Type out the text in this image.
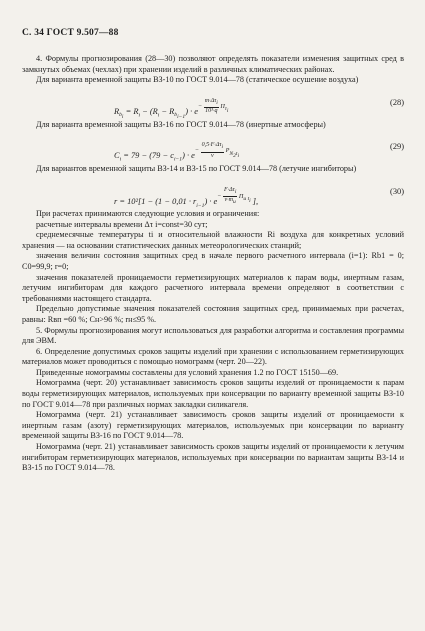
С. 34 ГОСТ 9.507—88

4. Формулы прогнозирования (28—30) позволяют определять показатели изменения защитных сред в замкнутых объемах (чехлах) при хранении изделий в различных климатических районах.

Для варианта временной защиты ВЗ-10 по ГОСТ 9.014—78 (статическое осушение воздуха)

$R_{b_i} = R_i - (R_i - R_{b_{i-1}}) \cdot e^{- \frac{m\cdot\Delta\tau_i}{\text{10³·q}} \Pi_{\tau_i}}$
(28)

Для варианта временной защиты ВЗ-16 по ГОСТ 9.014—78 (инертные атмосферы)

$C_i = 79 - (79 - c_{i-1}) \cdot e^{- \frac{0,5\cdot F\cdot\Delta\tau_i}{v} P_{N_2t_i}}$
(29)

Для вариантов временной защиты ВЗ-14 и ВЗ-15 по ГОСТ 9.014—78 (летучие ингибиторы)

$r = 10^2[1 - (1 - 0,01 \cdot r_{i-1}) \cdot e^{- \frac{F\cdot\Delta\tau_i}{v\cdot m_и} \Pi_{и t_i}}$ ],
(30)

При расчетах принимаются следующие условия и ограничения:

расчетные интервалы времени Δτ i=const=30 сут;

среднемесячные температуры ti и относительной влажности Ri воздуха для конкретных условий хранения — на основании статистических данных метеорологических станций;

значения величин состояния защитных сред в начале первого расчетного интервала (i=1): Rb1 = 0; C0=99,9; r=0;

значения показателей проницаемости герметизирующих материалов к парам воды, инертным газам, летучим ингибиторам для каждого расчетного интервала времени определяют в соответствии с требованиями настоящего стандарта.

Предельно допустимые значения показателей состояния защитных сред, принимаемых при расчетах, равны: Rвп =60 %; Cн>96 %; rн≤95 %.

5. Формулы прогнозирования могут использоваться для разработки алгоритма и составления программы для ЭВМ.

6. Определение допустимых сроков защиты изделий при хранении с использованием герметизирующих материалов может проводиться с помощью номограмм (черт. 20—22).

Приведенные номограммы составлены для условий хранения 1.2 по ГОСТ 15150—69.

Номограмма (черт. 20) устанавливает зависимость сроков защиты изделий от проницаемости к парам воды герметизирующих материалов, используемых при консервации по варианту временной защиты ВЗ-10 по ГОСТ 9.014—78 при различных нормах закладки силикагеля.

Номограмма (черт. 21) устанавливает зависимость сроков защиты изделий от проницаемости к инертным газам (азоту) герметизирующих материалов, используемых при консервации по варианту временной защиты ВЗ-16 по ГОСТ 9.014—78.

Номограмма (черт. 21) устанавливает зависимость сроков защиты изделий от проницаемости к летучим ингибиторам герметизирующих материалов, используемых при консервации по вариантам защиты ВЗ-14 и ВЗ-15 по ГОСТ 9.014—78.
